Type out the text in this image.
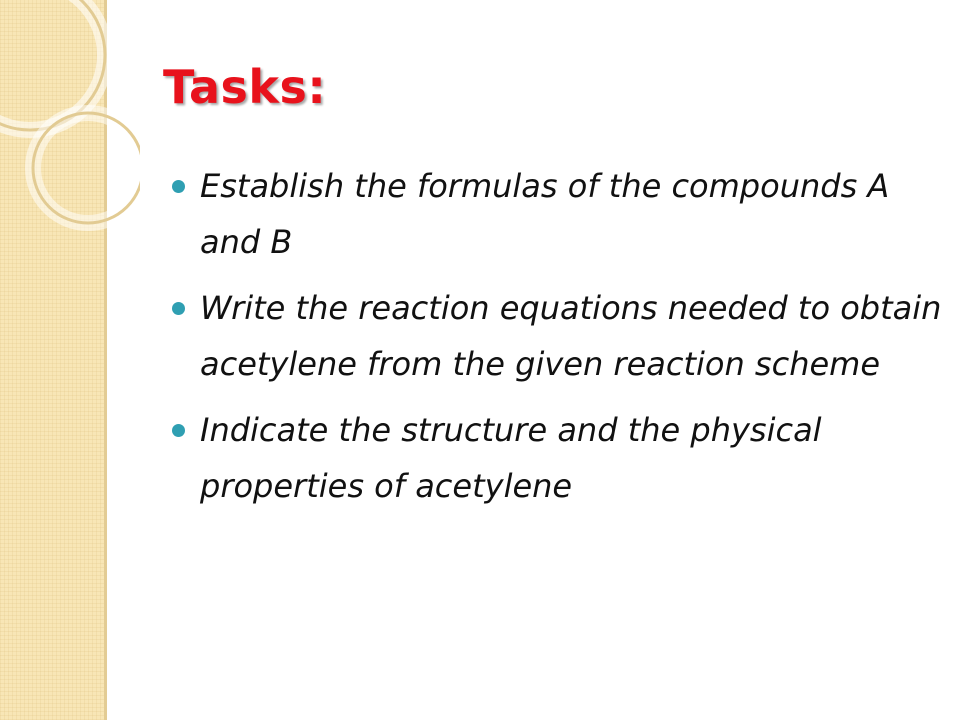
Tasks:
Establish the formulas of the compounds A and B
Write the reaction equations needed to obtain acetylene from the given reaction scheme
Indicate the structure and the physical properties of acetylene
